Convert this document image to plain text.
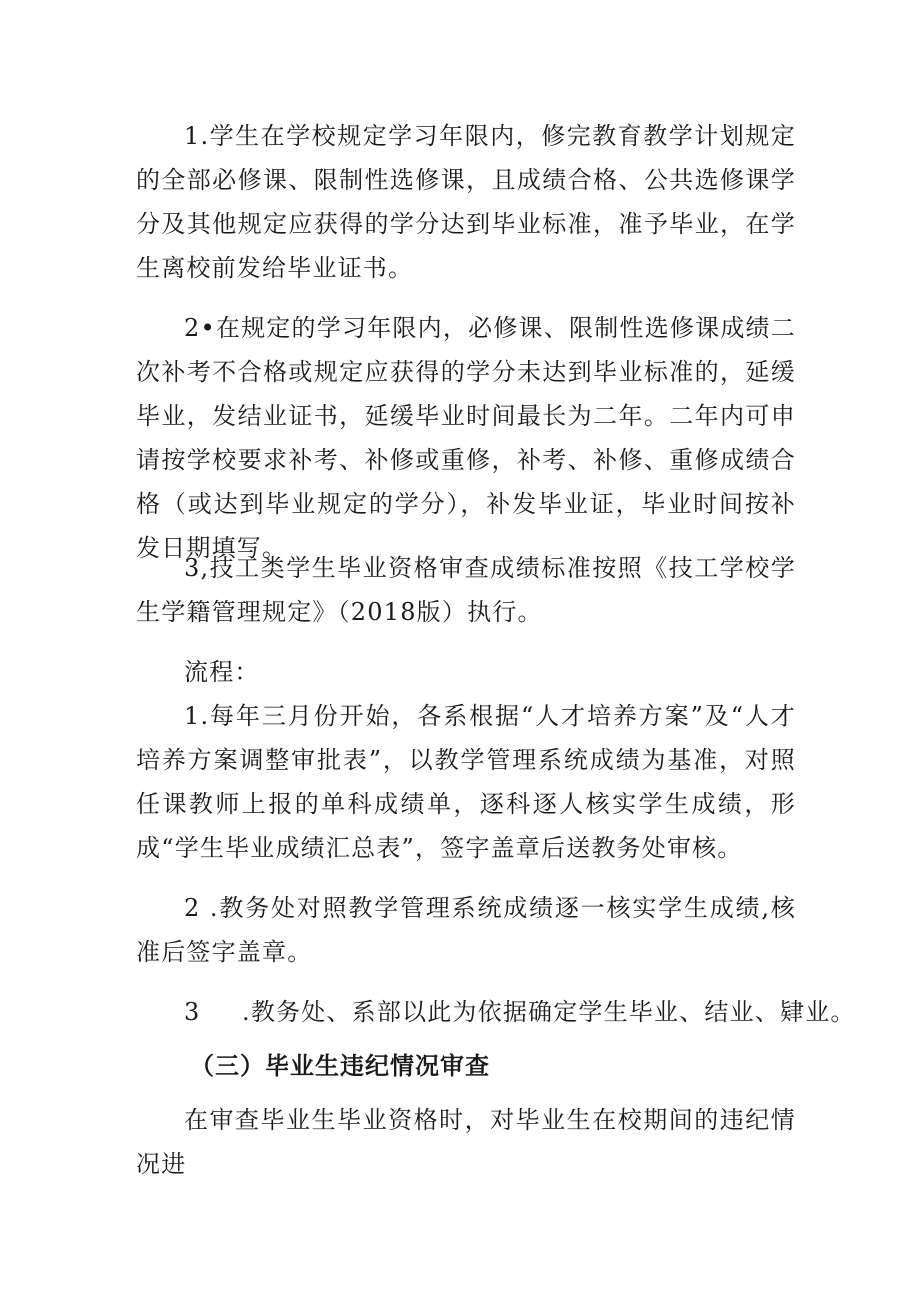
1.学生在学校规定学习年限内，修完教育教学计划规定的全部必修课、限制性选修课，且成绩合格、公共选修课学分及其他规定应获得的学分达到毕业标准，准予毕业，在学生离校前发给毕业证书。

2•在规定的学习年限内，必修课、限制性选修课成绩二次补考不合格或规定应获得的学分未达到毕业标准的，延缓毕业，发结业证书，延缓毕业时间最长为二年。二年内可申请按学校要求补考、补修或重修，补考、补修、重修成绩合格（或达到毕业规定的学分），补发毕业证，毕业时间按补发日期填写。

3,技工类学生毕业资格审查成绩标准按照《技工学校学生学籍管理规定》（2018版）执行。

流程：

1.每年三月份开始，各系根据“人才培养方案”及“人才培养方案调整审批表”，以教学管理系统成绩为基准，对照任课教师上报的单科成绩单，逐科逐人核实学生成绩，形成“学生毕业成绩汇总表”，签字盖章后送教务处审核。

2 .教务处对照教学管理系统成绩逐一核实学生成绩,核准后签字盖章。

3 .教务处、系部以此为依据确定学生毕业、结业、肄业。

（三）毕业生违纪情况审查

在审查毕业生毕业资格时，对毕业生在校期间的违纪情况进
